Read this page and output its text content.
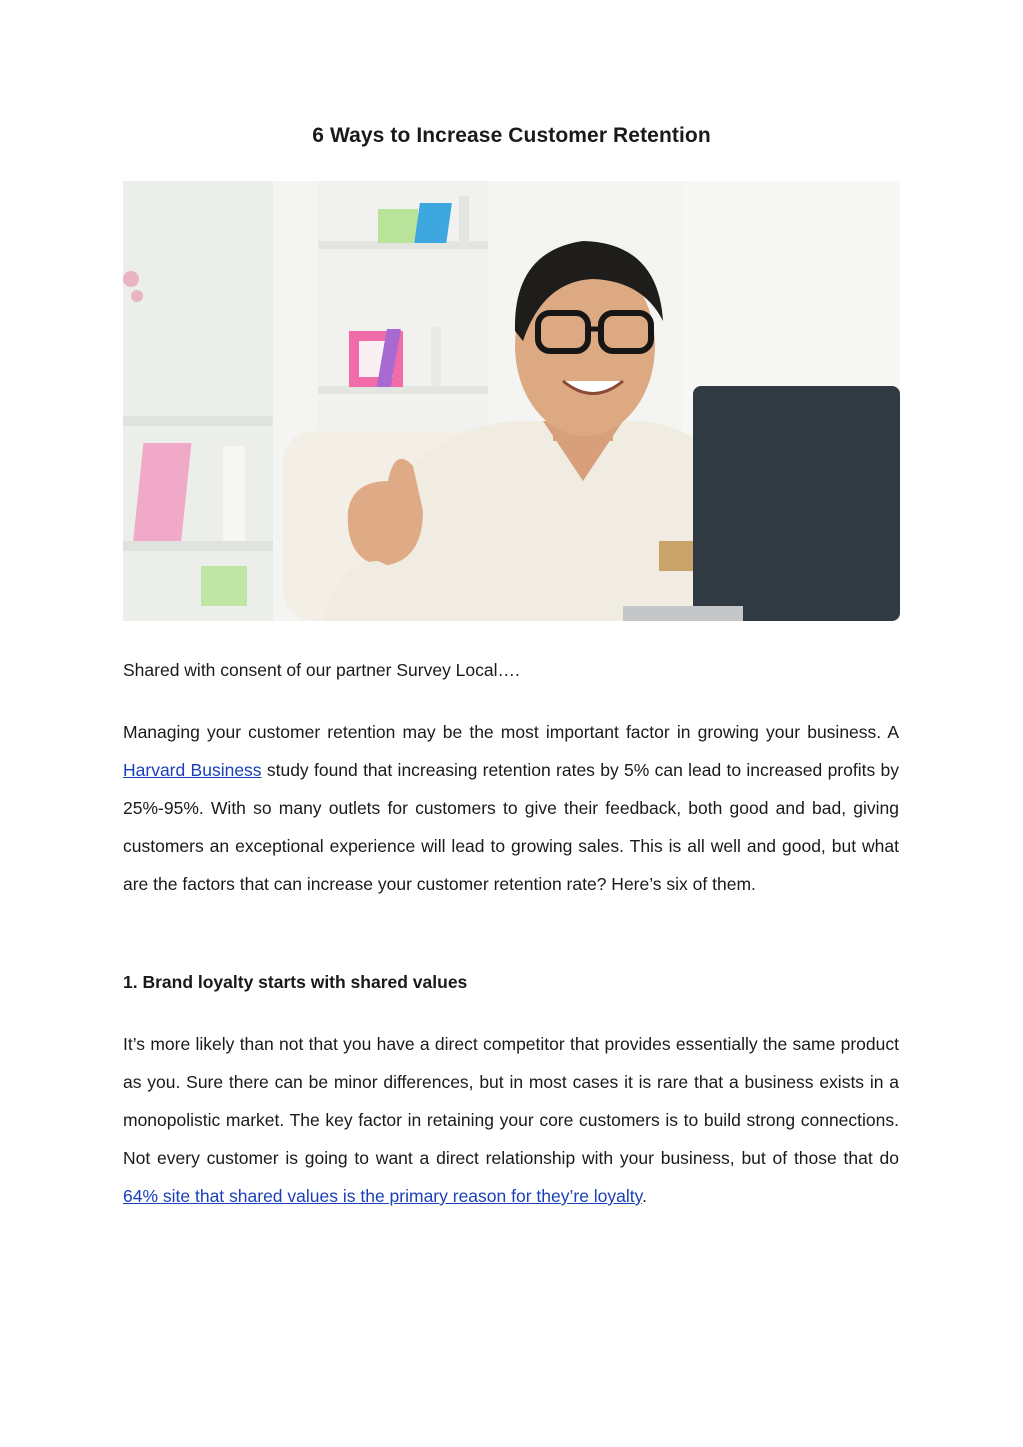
6 Ways to Increase Customer Retention
Shared with consent of our partner Survey Local….
Managing your customer retention may be the most important factor in growing your business. A Harvard Business study found that increasing retention rates by 5% can lead to increased profits by 25%-95%. With so many outlets for customers to give their feedback, both good and bad, giving customers an exceptional experience will lead to growing sales. This is all well and good, but what are the factors that can increase your customer retention rate? Here’s six of them.
1. Brand loyalty starts with shared values
It’s more likely than not that you have a direct competitor that provides essentially the same product as you. Sure there can be minor differences, but in most cases it is rare that a business exists in a monopolistic market. The key factor in retaining your core customers is to build strong connections. Not every customer is going to want a direct relationship with your business, but of those that do 64% site that shared values is the primary reason for they’re loyalty.
